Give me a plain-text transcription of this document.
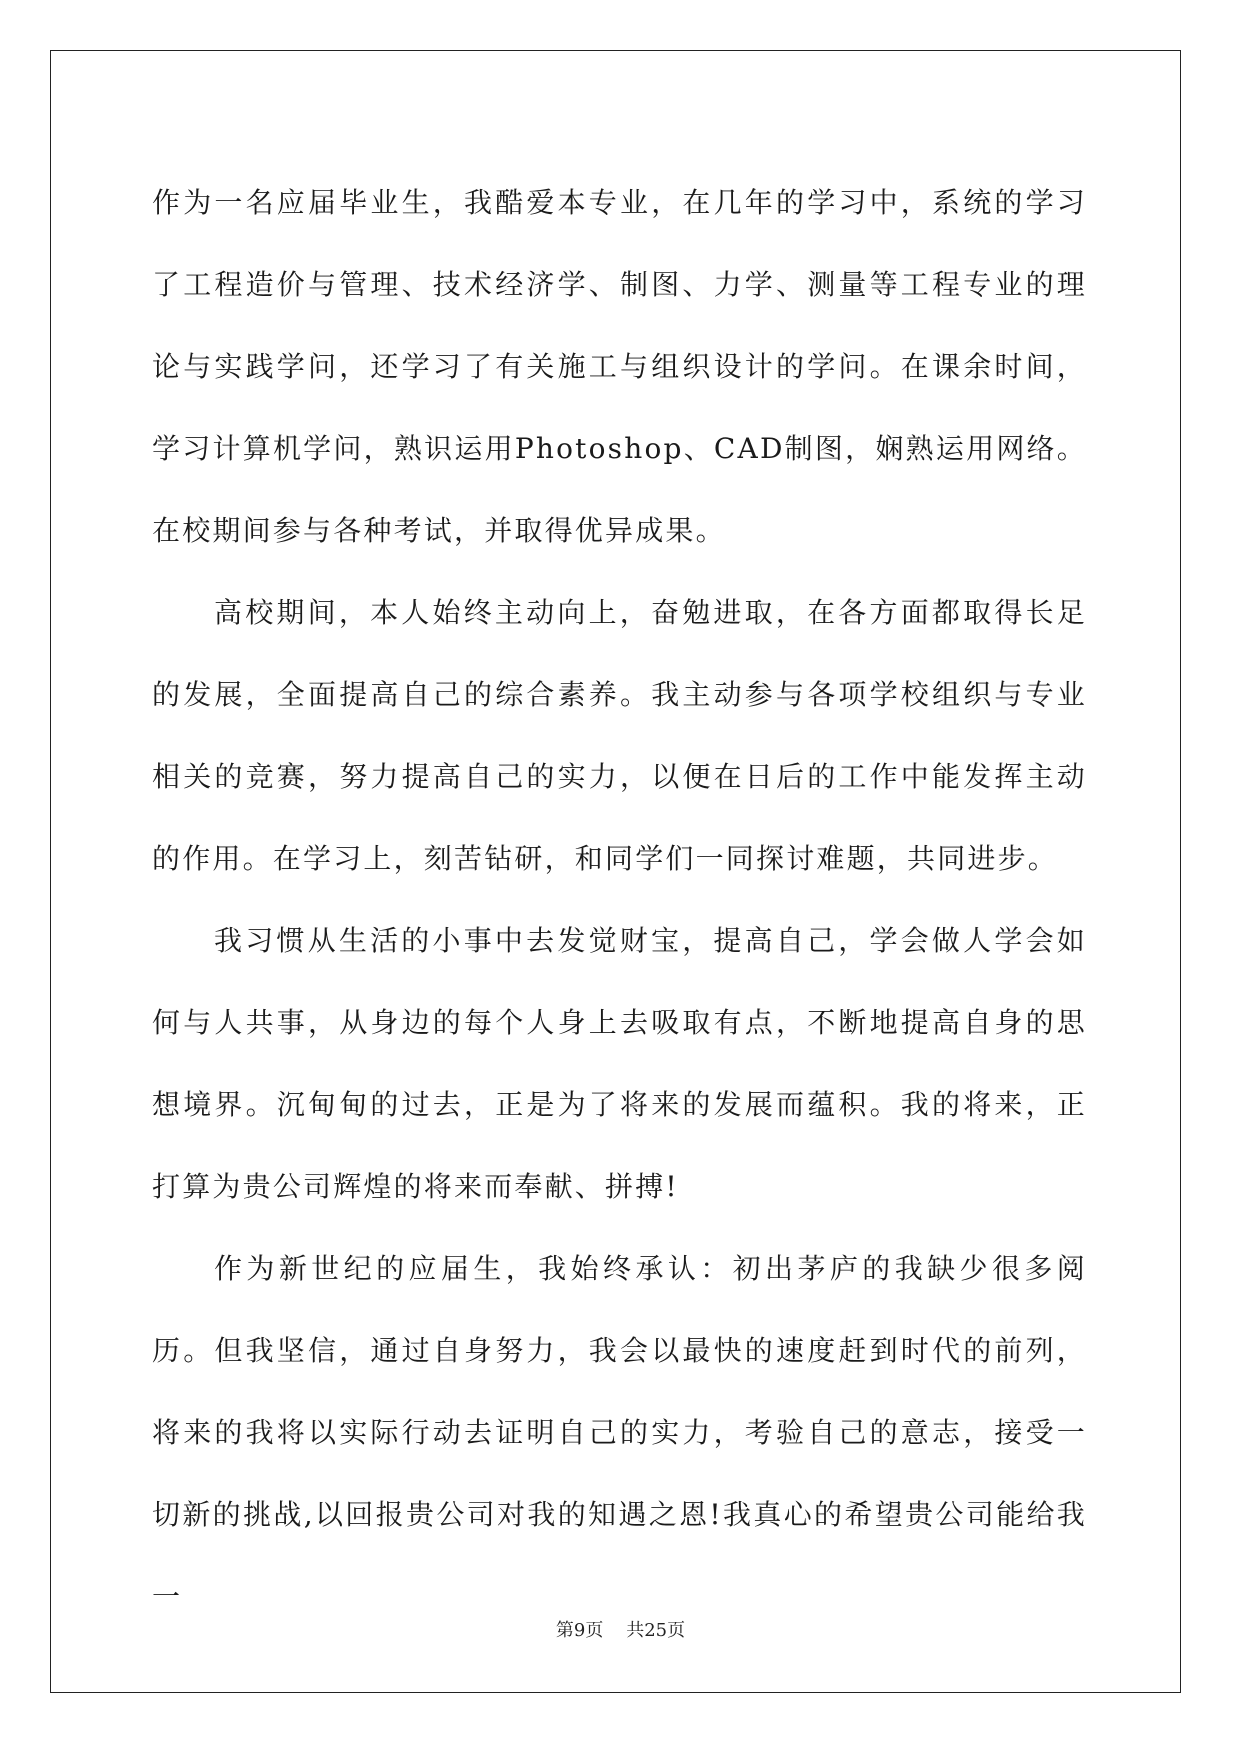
作为一名应届毕业生，我酷爱本专业，在几年的学习中，系统的学习了工程造价与管理、技术经济学、制图、力学、测量等工程专业的理论与实践学问，还学习了有关施工与组织设计的学问。在课余时间，学习计算机学问，熟识运用Photoshop、CAD制图，娴熟运用网络。在校期间参与各种考试，并取得优异成果。

高校期间，本人始终主动向上，奋勉进取，在各方面都取得长足的发展，全面提高自己的综合素养。我主动参与各项学校组织与专业相关的竞赛，努力提高自己的实力，以便在日后的工作中能发挥主动的作用。在学习上，刻苦钻研，和同学们一同探讨难题，共同进步。

我习惯从生活的小事中去发觉财宝，提高自己，学会做人学会如何与人共事，从身边的每个人身上去吸取有点，不断地提高自身的思想境界。沉甸甸的过去，正是为了将来的发展而蕴积。我的将来，正打算为贵公司辉煌的将来而奉献、拼搏!

作为新世纪的应届生，我始终承认：初出茅庐的我缺少很多阅历。但我坚信，通过自身努力，我会以最快的速度赶到时代的前列，将来的我将以实际行动去证明自己的实力，考验自己的意志，接受一切新的挑战,以回报贵公司对我的知遇之恩!我真心的希望贵公司能给我一

第9页 共25页
